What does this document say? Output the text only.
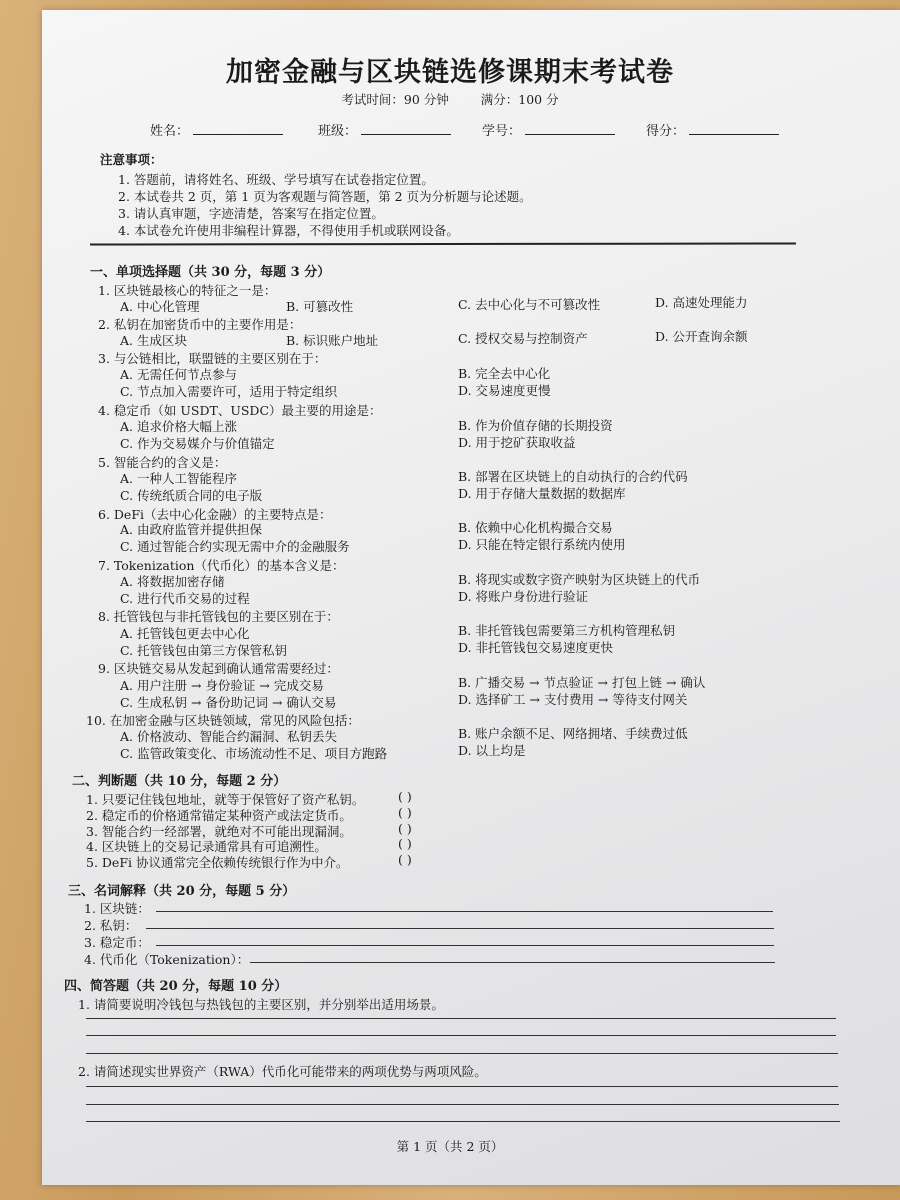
加密金融与区块链选修课期末考试卷
考试时间：90 分钟	满分：100 分
姓名：	班级：	学号：	得分：
注意事项：
1. 答题前，请将姓名、班级、学号填写在试卷指定位置。
2. 本试卷共 2 页，第 1 页为客观题与简答题，第 2 页为分析题与论述题。
3. 请认真审题，字迹清楚，答案写在指定位置。
4. 本试卷允许使用非编程计算器，不得使用手机或联网设备。
一、单项选择题（共 30 分，每题 3 分）
1. 区块链最核心的特征之一是：
A. 中心化管理	B. 可篡改性	C. 去中心化与不可篡改性	D. 高速处理能力
2. 私钥在加密货币中的主要作用是：
A. 生成区块	B. 标识账户地址	C. 授权交易与控制资产	D. 公开查询余额
3. 与公链相比，联盟链的主要区别在于：
A. 无需任何节点参与	B. 完全去中心化
C. 节点加入需要许可，适用于特定组织	D. 交易速度更慢
4. 稳定币（如 USDT、USDC）最主要的用途是：
A. 追求价格大幅上涨	B. 作为价值存储的长期投资
C. 作为交易媒介与价值锚定	D. 用于挖矿获取收益
5. 智能合约的含义是：
A. 一种人工智能程序	B. 部署在区块链上的自动执行的合约代码
C. 传统纸质合同的电子版	D. 用于存储大量数据的数据库
6. DeFi（去中心化金融）的主要特点是：
A. 由政府监管并提供担保	B. 依赖中心化机构撮合交易
C. 通过智能合约实现无需中介的金融服务	D. 只能在特定银行系统内使用
7. Tokenization（代币化）的基本含义是：
A. 将数据加密存储	B. 将现实或数字资产映射为区块链上的代币
C. 进行代币交易的过程	D. 将账户身份进行验证
8. 托管钱包与非托管钱包的主要区别在于：
A. 托管钱包更去中心化	B. 非托管钱包需要第三方机构管理私钥
C. 托管钱包由第三方保管私钥	D. 非托管钱包交易速度更快
9. 区块链交易从发起到确认通常需要经过：
A. 用户注册 → 身份验证 → 完成交易	B. 广播交易 → 节点验证 → 打包上链 → 确认
C. 生成私钥 → 备份助记词 → 确认交易	D. 选择矿工 → 支付费用 → 等待支付网关
10. 在加密金融与区块链领域，常见的风险包括：
A. 价格波动、智能合约漏洞、私钥丢失	B. 账户余额不足、网络拥堵、手续费过低
C. 监管政策变化、市场流动性不足、项目方跑路	D. 以上均是
二、判断题（共 10 分，每题 2 分）
1. 只要记住钱包地址，就等于保管好了资产私钥。	( )
2. 稳定币的价格通常锚定某种资产或法定货币。	( )
3. 智能合约一经部署，就绝对不可能出现漏洞。	( )
4. 区块链上的交易记录通常具有可追溯性。	( )
5. DeFi 协议通常完全依赖传统银行作为中介。	( )
三、名词解释（共 20 分，每题 5 分）
1. 区块链：
2. 私钥：
3. 稳定币：
4. 代币化（Tokenization）：
四、简答题（共 20 分，每题 10 分）
1. 请简要说明冷钱包与热钱包的主要区别，并分别举出适用场景。
2. 请简述现实世界资产（RWA）代币化可能带来的两项优势与两项风险。
第 1 页（共 2 页）
